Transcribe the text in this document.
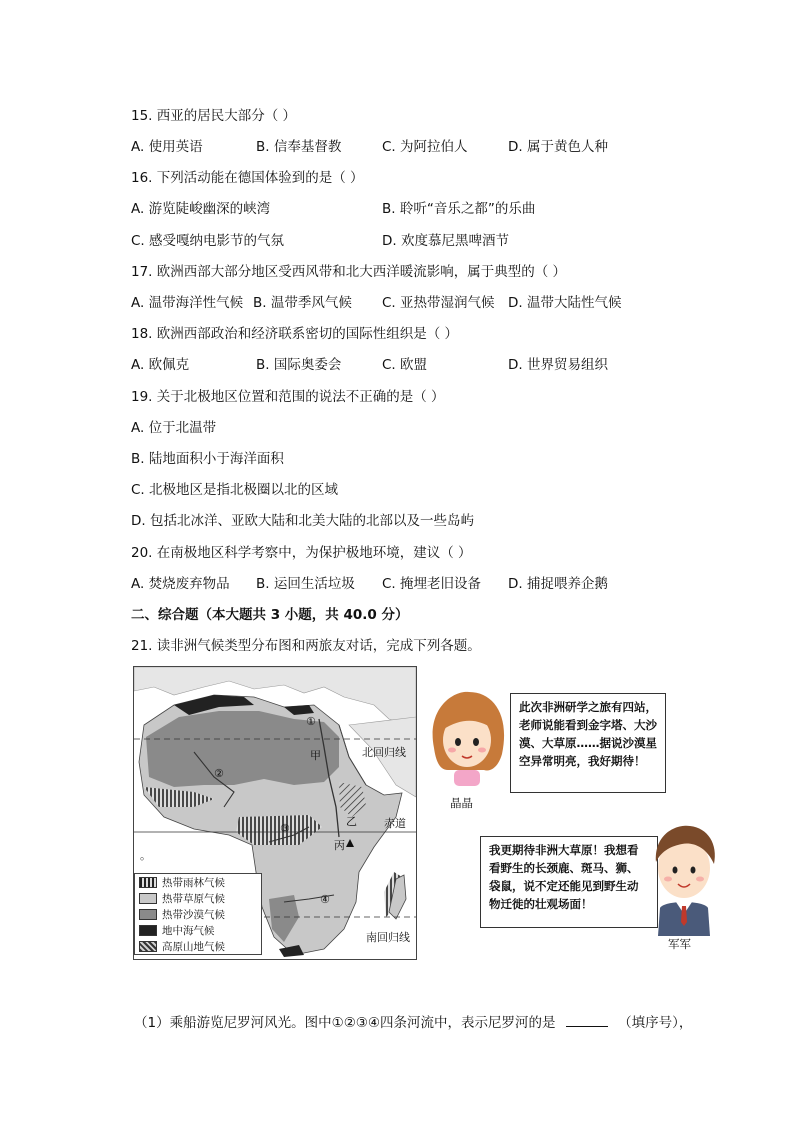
15. 西亚的居民大部分（ ）
A. 使用英语	B. 信奉基督教	C. 为阿拉伯人	D. 属于黄色人种
16. 下列活动能在德国体验到的是（ ）
A. 游览陡峻幽深的峡湾	B. 聆听“音乐之都”的乐曲
C. 感受嘎纳电影节的气氛	D. 欢度慕尼黑啤酒节
17. 欧洲西部大部分地区受西风带和北大西洋暖流影响，属于典型的（ ）
A. 温带海洋性气候 B. 温带季风气候 C. 亚热带湿润气候 D. 温带大陆性气候
18. 欧洲西部政治和经济联系密切的国际性组织是（ ）
A. 欧佩克	B. 国际奥委会	C. 欧盟	D. 世界贸易组织
19. 关于北极地区位置和范围的说法不正确的是（ ）
A. 位于北温带
B. 陆地面积小于海洋面积
C. 北极地区是指北极圈以北的区域
D. 包括北冰洋、亚欧大陆和北美大陆的北部以及一些岛屿
20. 在南极地区科学考察中，为保护极地环境，建议（ ）
A. 焚烧废弃物品 B. 运回生活垃圾 C. 掩埋老旧设备 D. 捕捉喂养企鹅
二、综合题（本大题共 3 小题，共 40.0 分）
21. 读非洲气候类型分布图和两旅友对话，完成下列各题。
①
②
③
④
甲
乙
丙
北回归线
赤道
南回归线
。
热带雨林气候
热带草原气候
热带沙漠气候
地中海气候
高原山地气候
晶晶
此次非洲研学之旅有四站，老师说能看到金字塔、大沙漠、大草原……据说沙漠星空异常明亮，我好期待！
我更期待非洲大草原！我想看看野生的长颈鹿、斑马、狮、袋鼠，说不定还能见到野生动物迁徙的壮观场面！
军军
（1）乘船游览尼罗河风光。图中①②③④四条河流中，表示尼罗河的是	（填序号），
